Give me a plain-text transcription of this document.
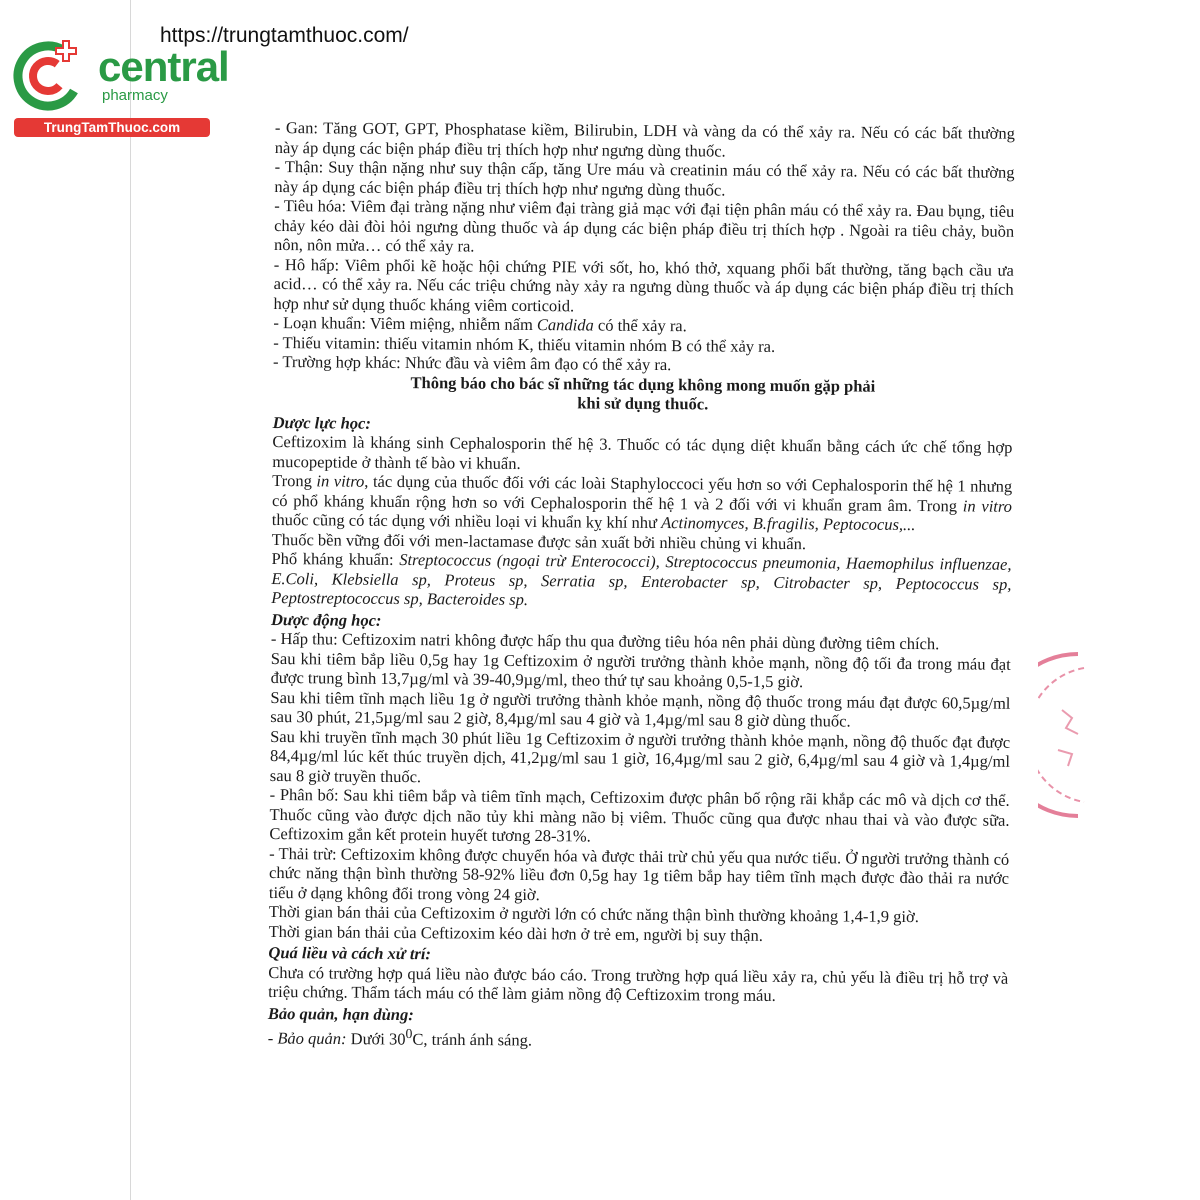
https://trungtamthuoc.com/
central
pharmacy
TrungTamThuoc.com	- Gan: Tăng GOT, GPT, Phosphatase kiềm, Bilirubin, LDH và vàng da có thể xảy ra. Nếu có các bất thường này áp dụng các biện pháp điều trị thích hợp như ngưng dùng thuốc.

- Thận: Suy thận nặng như suy thận cấp, tăng Ure máu và creatinin máu có thể xảy ra. Nếu có các bất thường này áp dụng các biện pháp điều trị thích hợp như ngưng dùng thuốc.

- Tiêu hóa: Viêm đại tràng nặng như viêm đại tràng giả mạc với đại tiện phân máu có thể xảy ra. Đau bụng, tiêu chảy kéo dài đòi hỏi ngưng dùng thuốc và áp dụng các biện pháp điều trị thích hợp . Ngoài ra tiêu chảy, buồn nôn, nôn mửa… có thể xảy ra.

- Hô hấp: Viêm phổi kẽ hoặc hội chứng PIE với sốt, ho, khó thở, xquang phổi bất thường, tăng bạch cầu ưa acid… có thể xảy ra. Nếu các triệu chứng này xảy ra ngưng dùng thuốc và áp dụng các biện pháp điều trị thích hợp như sử dụng thuốc kháng viêm corticoid.

- Loạn khuẩn: Viêm miệng, nhiễm nấm Candida có thể xảy ra.

- Thiếu vitamin: thiếu vitamin nhóm K, thiếu vitamin nhóm B có thể xảy ra.

- Trường hợp khác: Nhức đầu và viêm âm đạo có thể xảy ra.

Thông báo cho bác sĩ những tác dụng không mong muốn gặp phải
khi sử dụng thuốc.

Dược lực học:

Ceftizoxim là kháng sinh Cephalosporin thế hệ 3. Thuốc có tác dụng diệt khuẩn bằng cách ức chế tổng hợp mucopeptide ở thành tế bào vi khuẩn.

Trong in vitro, tác dụng của thuốc đối với các loài Staphyloccoci yếu hơn so với Cephalosporin thế hệ 1 nhưng có phổ kháng khuẩn rộng hơn so với Cephalosporin thế hệ 1 và 2 đối với vi khuẩn gram âm. Trong in vitro thuốc cũng có tác dụng với nhiều loại vi khuẩn kỵ khí như Actinomyces, B.fragilis, Peptococus,...

Thuốc bền vững đối với men-lactamase được sản xuất bởi nhiều chủng vi khuẩn.

Phổ kháng khuẩn: Streptococcus (ngoại trừ Enterococci), Streptococcus pneumonia, Haemophilus influenzae, E.Coli, Klebsiella sp, Proteus sp, Serratia sp, Enterobacter sp, Citrobacter sp, Peptococcus sp, Peptostreptococcus sp, Bacteroides sp.

Dược động học:

- Hấp thu: Ceftizoxim natri không được hấp thu qua đường tiêu hóa nên phải dùng đường tiêm chích.

Sau khi tiêm bắp liều 0,5g hay 1g Ceftizoxim ở người trưởng thành khỏe mạnh, nồng độ tối đa trong máu đạt được trung bình 13,7µg/ml và 39-40,9µg/ml, theo thứ tự sau khoảng 0,5-1,5 giờ.

Sau khi tiêm tĩnh mạch liều 1g ở người trưởng thành khỏe mạnh, nồng độ thuốc trong máu đạt được 60,5µg/ml sau 30 phút, 21,5µg/ml sau 2 giờ, 8,4µg/ml sau 4 giờ và 1,4µg/ml sau 8 giờ dùng thuốc.

Sau khi truyền tĩnh mạch 30 phút liều 1g Ceftizoxim ở người trưởng thành khỏe mạnh, nồng độ thuốc đạt được 84,4µg/ml lúc kết thúc truyền dịch, 41,2µg/ml sau 1 giờ, 16,4µg/ml sau 2 giờ, 6,4µg/ml sau 4 giờ và 1,4µg/ml sau 8 giờ truyền thuốc.

- Phân bố: Sau khi tiêm bắp và tiêm tĩnh mạch, Ceftizoxim được phân bố rộng rãi khắp các mô và dịch cơ thể. Thuốc cũng vào được dịch não tủy khi màng não bị viêm. Thuốc cũng qua được nhau thai và vào được sữa. Ceftizoxim gắn kết protein huyết tương 28-31%.

- Thải trừ: Ceftizoxim không được chuyển hóa và được thải trừ chủ yếu qua nước tiểu. Ở người trưởng thành có chức năng thận bình thường 58-92% liều đơn 0,5g hay 1g tiêm bắp hay tiêm tĩnh mạch được đào thải ra nước tiểu ở dạng không đổi trong vòng 24 giờ.

Thời gian bán thải của Ceftizoxim ở người lớn có chức năng thận bình thường khoảng 1,4-1,9 giờ.

Thời gian bán thải của Ceftizoxim kéo dài hơn ở trẻ em, người bị suy thận.

Quá liều và cách xử trí:

Chưa có trường hợp quá liều nào được báo cáo. Trong trường hợp quá liều xảy ra, chủ yếu là điều trị hỗ trợ và triệu chứng. Thẩm tách máu có thể làm giảm nồng độ Ceftizoxim trong máu.

Bảo quản, hạn dùng:

- Bảo quản: Dưới $30^0C$, tránh ánh sáng.
